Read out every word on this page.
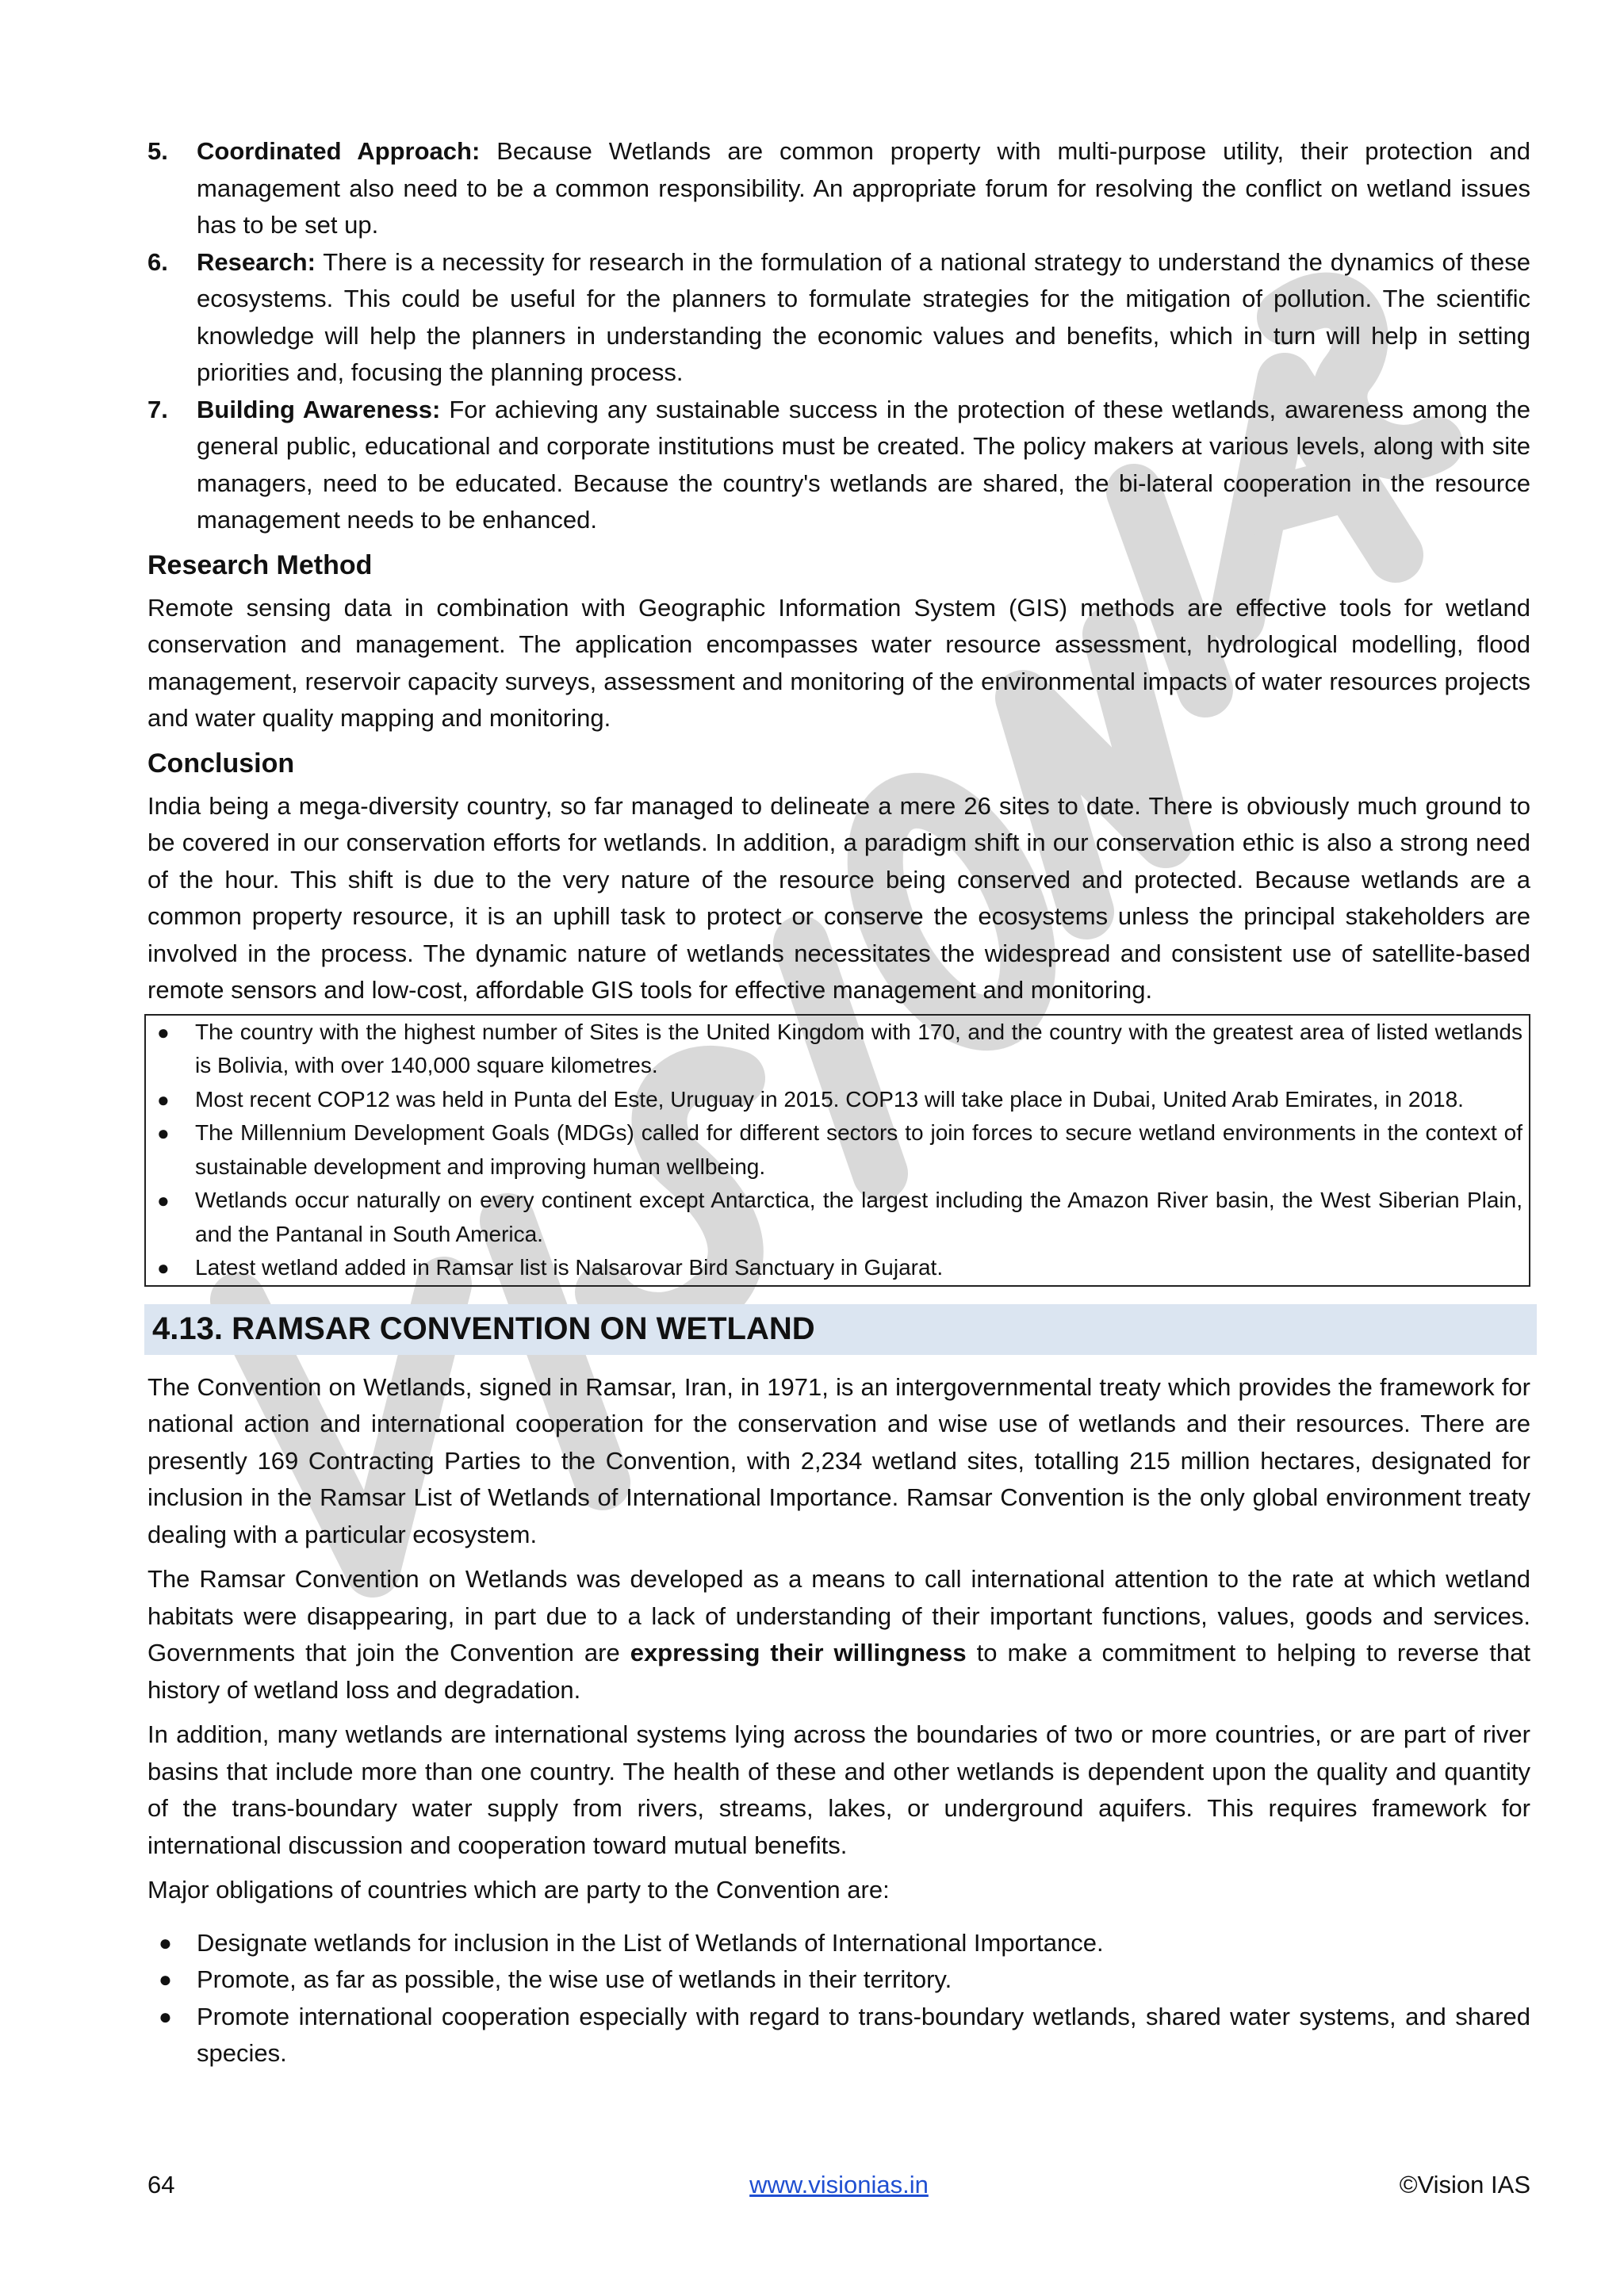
5. Coordinated Approach: Because Wetlands are common property with multi-purpose utility, their protection and management also need to be a common responsibility. An appropriate forum for resolving the conflict on wetland issues has to be set up.
6. Research: There is a necessity for research in the formulation of a national strategy to understand the dynamics of these ecosystems. This could be useful for the planners to formulate strategies for the mitigation of pollution. The scientific knowledge will help the planners in understanding the economic values and benefits, which in turn will help in setting priorities and, focusing the planning process.
7. Building Awareness: For achieving any sustainable success in the protection of these wetlands, awareness among the general public, educational and corporate institutions must be created. The policy makers at various levels, along with site managers, need to be educated. Because the country's wetlands are shared, the bi-lateral cooperation in the resource management needs to be enhanced.
Research Method

Remote sensing data in combination with Geographic Information System (GIS) methods are effective tools for wetland conservation and management. The application encompasses water resource assessment, hydrological modelling, flood management, reservoir capacity surveys, assessment and monitoring of the environmental impacts of water resources projects and water quality mapping and monitoring.

Conclusion

India being a mega-diversity country, so far managed to delineate a mere 26 sites to date. There is obviously much ground to be covered in our conservation efforts for wetlands. In addition, a paradigm shift in our conservation ethic is also a strong need of the hour. This shift is due to the very nature of the resource being conserved and protected. Because wetlands are a common property resource, it is an uphill task to protect or conserve the ecosystems unless the principal stakeholders are involved in the process. The dynamic nature of wetlands necessitates the widespread and consistent use of satellite-based remote sensors and low-cost, affordable GIS tools for effective management and monitoring.

● The country with the highest number of Sites is the United Kingdom with 170, and the country with the greatest area of listed wetlands is Bolivia, with over 140,000 square kilometres.
● Most recent COP12 was held in Punta del Este, Uruguay in 2015. COP13 will take place in Dubai, United Arab Emirates, in 2018.
● The Millennium Development Goals (MDGs) called for different sectors to join forces to secure wetland environments in the context of sustainable development and improving human wellbeing.
● Wetlands occur naturally on every continent except Antarctica, the largest including the Amazon River basin, the West Siberian Plain, and the Pantanal in South America.
● Latest wetland added in Ramsar list is Nalsarovar Bird Sanctuary in Gujarat.
4.13. RAMSAR CONVENTION ON WETLAND

The Convention on Wetlands, signed in Ramsar, Iran, in 1971, is an intergovernmental treaty which provides the framework for national action and international cooperation for the conservation and wise use of wetlands and their resources. There are presently 169 Contracting Parties to the Convention, with 2,234 wetland sites, totalling 215 million hectares, designated for inclusion in the Ramsar List of Wetlands of International Importance. Ramsar Convention is the only global environment treaty dealing with a particular ecosystem.

The Ramsar Convention on Wetlands was developed as a means to call international attention to the rate at which wetland habitats were disappearing, in part due to a lack of understanding of their important functions, values, goods and services. Governments that join the Convention are expressing their willingness to make a commitment to helping to reverse that history of wetland loss and degradation.

In addition, many wetlands are international systems lying across the boundaries of two or more countries, or are part of river basins that include more than one country. The health of these and other wetlands is dependent upon the quality and quantity of the trans-boundary water supply from rivers, streams, lakes, or underground aquifers. This requires framework for international discussion and cooperation toward mutual benefits.

Major obligations of countries which are party to the Convention are:

● Designate wetlands for inclusion in the List of Wetlands of International Importance.
● Promote, as far as possible, the wise use of wetlands in their territory.
● Promote international cooperation especially with regard to trans-boundary wetlands, shared water systems, and shared species.
64	www.visionias.in	©Vision IAS
